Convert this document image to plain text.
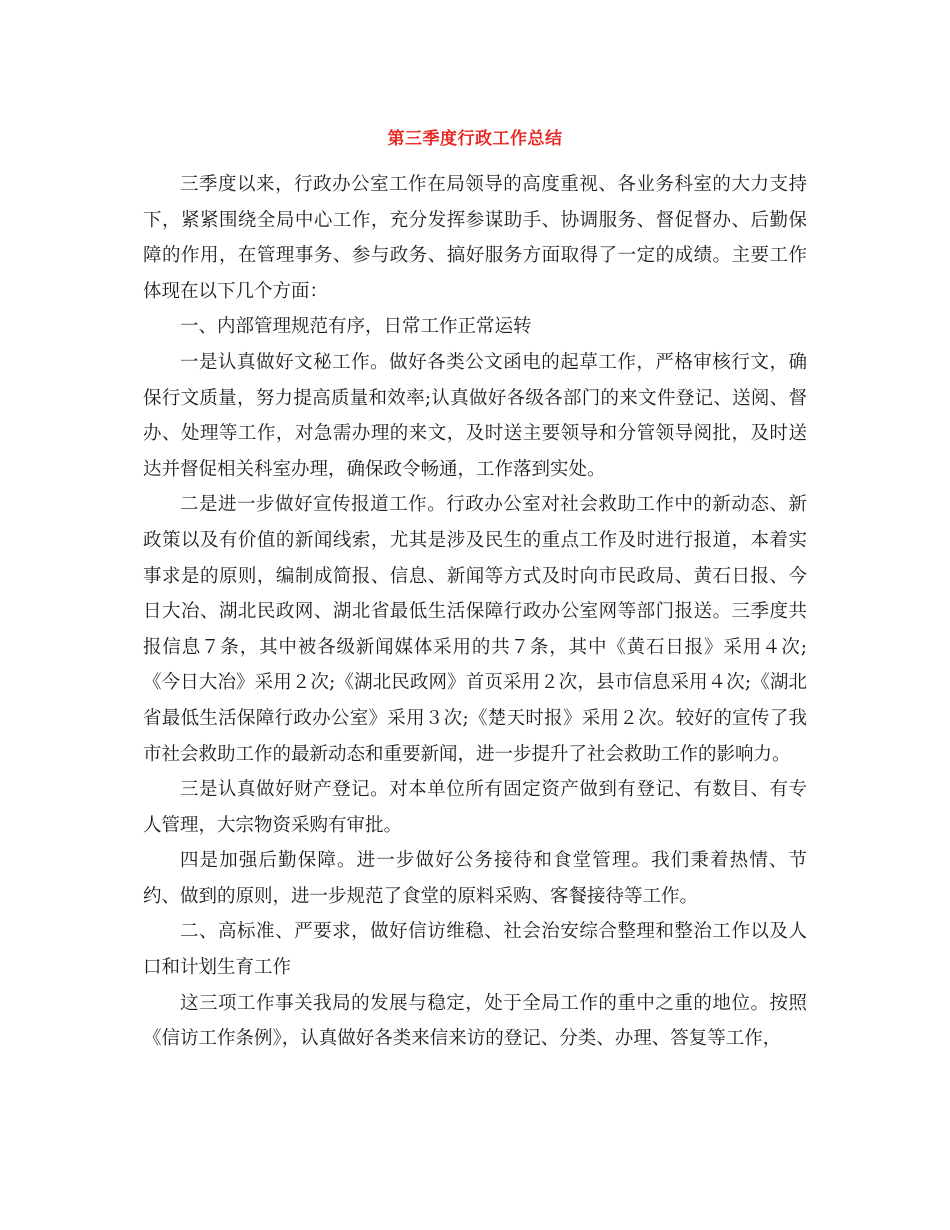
第三季度行政工作总结

三季度以来，行政办公室工作在局领导的高度重视、各业务科室的大力支持下，紧紧围绕全局中心工作，充分发挥参谋助手、协调服务、督促督办、后勤保障的作用，在管理事务、参与政务、搞好服务方面取得了一定的成绩。主要工作体现在以下几个方面：

一、内部管理规范有序，日常工作正常运转

一是认真做好文秘工作。做好各类公文函电的起草工作，严格审核行文，确保行文质量，努力提高质量和效率;认真做好各级各部门的来文件登记、送阅、督办、处理等工作，对急需办理的来文，及时送主要领导和分管领导阅批，及时送达并督促相关科室办理，确保政令畅通，工作落到实处。

二是进一步做好宣传报道工作。行政办公室对社会救助工作中的新动态、新政策以及有价值的新闻线索，尤其是涉及民生的重点工作及时进行报道，本着实事求是的原则，编制成简报、信息、新闻等方式及时向市民政局、黄石日报、今日大冶、湖北民政网、湖北省最低生活保障行政办公室网等部门报送。三季度共报信息７条，其中被各级新闻媒体采用的共７条，其中《黄石日报》采用４次;《今日大冶》采用２次;《湖北民政网》首页采用２次，县市信息采用４次;《湖北省最低生活保障行政办公室》采用３次;《楚天时报》采用２次。较好的宣传了我市社会救助工作的最新动态和重要新闻，进一步提升了社会救助工作的影响力。

三是认真做好财产登记。对本单位所有固定资产做到有登记、有数目、有专人管理，大宗物资采购有审批。

四是加强后勤保障。进一步做好公务接待和食堂管理。我们秉着热情、节约、做到的原则，进一步规范了食堂的原料采购、客餐接待等工作。

二、高标准、严要求，做好信访维稳、社会治安综合整理和整治工作以及人口和计划生育工作

这三项工作事关我局的发展与稳定，处于全局工作的重中之重的地位。按照《信访工作条例》，认真做好各类来信来访的登记、分类、办理、答复等工作，
